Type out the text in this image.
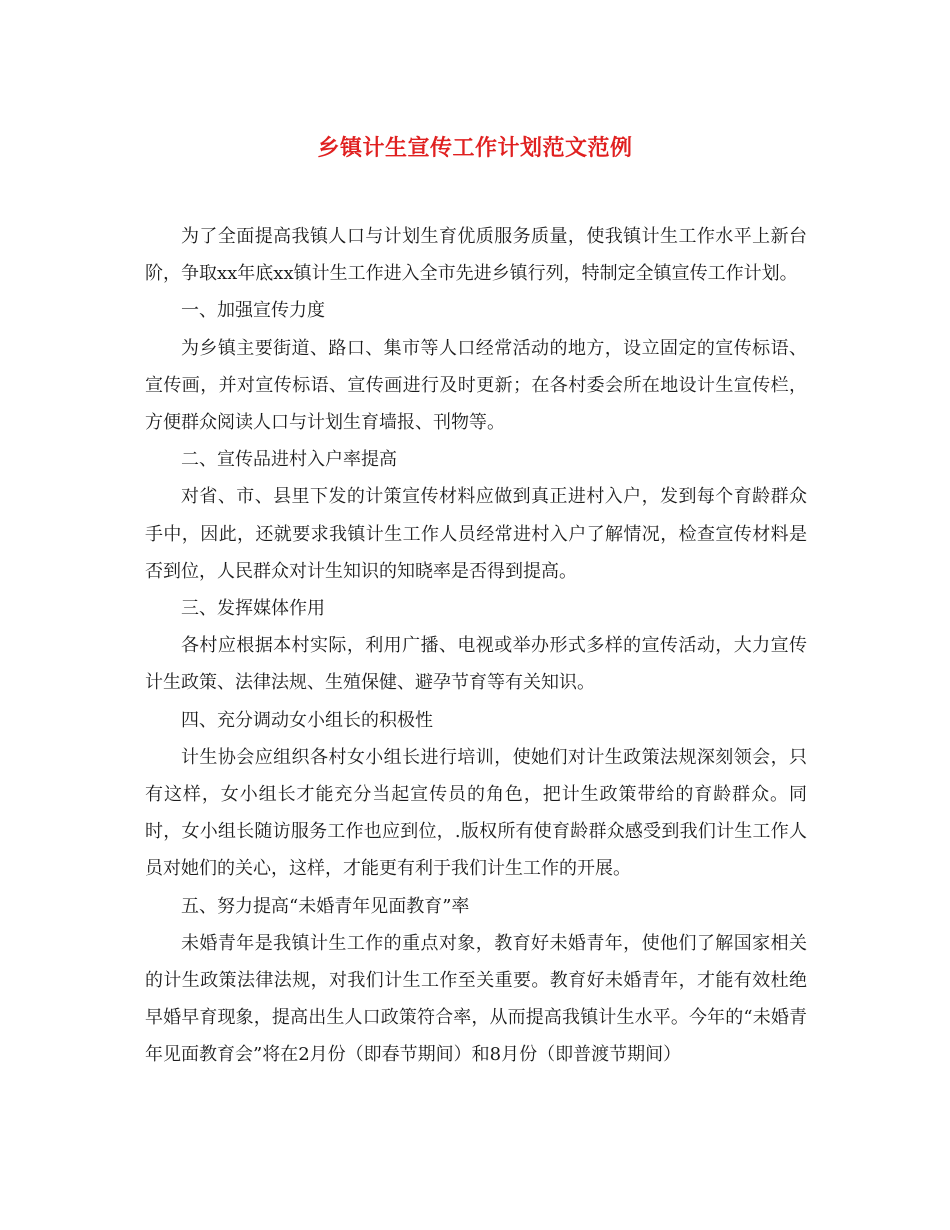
乡镇计生宣传工作计划范文范例

为了全面提高我镇人口与计划生育优质服务质量，使我镇计生工作水平上新台阶，争取xx年底xx镇计生工作进入全市先进乡镇行列，特制定全镇宣传工作计划。

一、加强宣传力度

为乡镇主要街道、路口、集市等人口经常活动的地方，设立固定的宣传标语、宣传画，并对宣传标语、宣传画进行及时更新；在各村委会所在地设计生宣传栏，方便群众阅读人口与计划生育墙报、刊物等。

二、宣传品进村入户率提高

对省、市、县里下发的计策宣传材料应做到真正进村入户，发到每个育龄群众手中，因此，还就要求我镇计生工作人员经常进村入户了解情况，检查宣传材料是否到位，人民群众对计生知识的知晓率是否得到提高。

三、发挥媒体作用

各村应根据本村实际，利用广播、电视或举办形式多样的宣传活动，大力宣传计生政策、法律法规、生殖保健、避孕节育等有关知识。

四、充分调动女小组长的积极性

计生协会应组织各村女小组长进行培训，使她们对计生政策法规深刻领会，只有这样，女小组长才能充分当起宣传员的角色，把计生政策带给的育龄群众。同时，女小组长随访服务工作也应到位，.版权所有使育龄群众感受到我们计生工作人员对她们的关心，这样，才能更有利于我们计生工作的开展。

五、努力提高“未婚青年见面教育”率

未婚青年是我镇计生工作的重点对象，教育好未婚青年，使他们了解国家相关的计生政策法律法规，对我们计生工作至关重要。教育好未婚青年，才能有效杜绝早婚早育现象，提高出生人口政策符合率，从而提高我镇计生水平。今年的“未婚青年见面教育会”将在2月份（即春节期间）和8月份（即普渡节期间）
